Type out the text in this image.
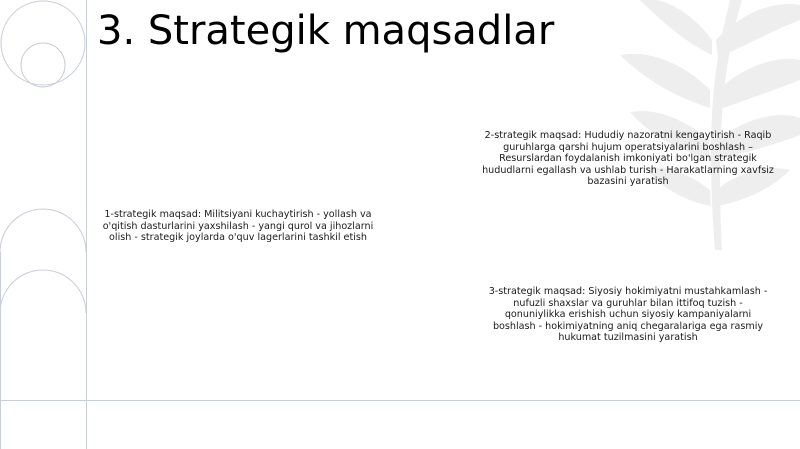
3. Strategik maqsadlar

1-strategik maqsad: Militsiyani kuchaytirish - yollash va o'qitish dasturlarini yaxshilash - yangi qurol va jihozlarni olish - strategik joylarda o'quv lagerlarini tashkil etish

2-strategik maqsad: Hududiy nazoratni kengaytirish - Raqib guruhlarga qarshi hujum operatsiyalarini boshlash – Resurslardan foydalanish imkoniyati bo'lgan strategik hududlarni egallash va ushlab turish - Harakatlarning xavfsiz bazasini yaratish

3-strategik maqsad: Siyosiy hokimiyatni mustahkamlash - nufuzli shaxslar va guruhlar bilan ittifoq tuzish - qonuniylikka erishish uchun siyosiy kampaniyalarni boshlash - hokimiyatning aniq chegaralariga ega rasmiy hukumat tuzilmasini yaratish
